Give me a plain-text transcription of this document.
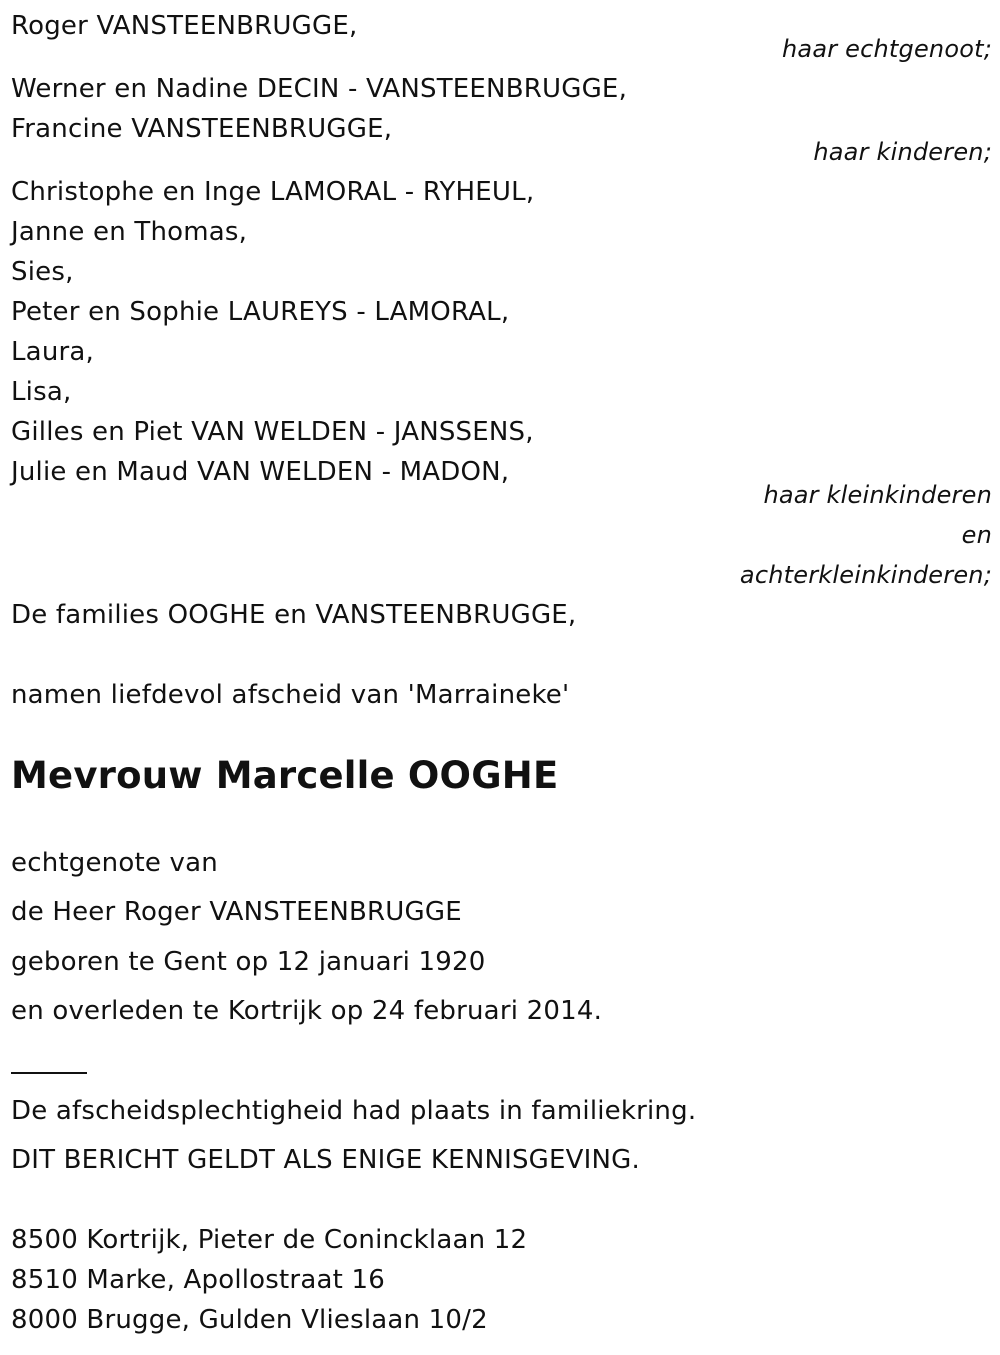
Roger VANSTEENBRUGGE,
haar echtgenoot;
Werner en Nadine DECIN - VANSTEENBRUGGE,
Francine VANSTEENBRUGGE,
haar kinderen;
Christophe en Inge LAMORAL - RYHEUL,
Janne en Thomas,
Sies,
Peter en Sophie LAUREYS - LAMORAL,
Laura,
Lisa,
Gilles en Piet VAN WELDEN - JANSSENS,
Julie en Maud VAN WELDEN - MADON,
haar kleinkinderen
en
achterkleinkinderen;
De families OOGHE en VANSTEENBRUGGE,
namen liefdevol afscheid van 'Marraineke'
Mevrouw Marcelle OOGHE
echtgenote van
de Heer Roger VANSTEENBRUGGE
geboren te Gent op 12 januari 1920
en overleden te Kortrijk op 24 februari 2014.
De afscheidsplechtigheid had plaats in familiekring.
DIT BERICHT GELDT ALS ENIGE KENNISGEVING.
8500 Kortrijk, Pieter de Conincklaan 12
8510 Marke, Apollostraat 16
8000 Brugge, Gulden Vlieslaan 10/2
